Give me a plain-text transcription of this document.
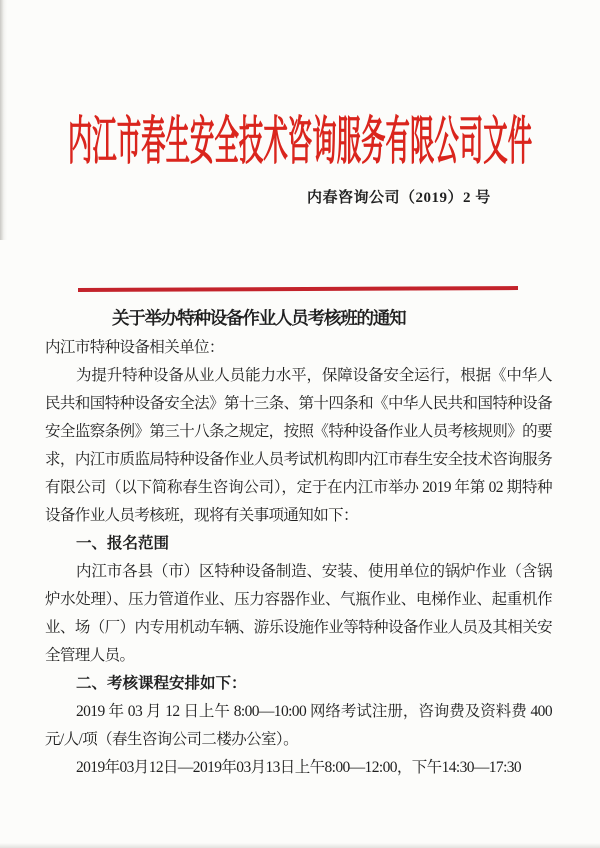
内江市春生安全技术咨询服务有限公司文件
内春咨询公司（2019）2 号
关于举办特种设备作业人员考核班的通知

内江市特种设备相关单位：

为提升特种设备从业人员能力水平，保障设备安全运行，根据《中华人民共和国特种设备安全法》第十三条、第十四条和《中华人民共和国特种设备安全监察条例》第三十八条之规定，按照《特种设备作业人员考核规则》的要求，内江市质监局特种设备作业人员考试机构即内江市春生安全技术咨询服务有限公司（以下简称春生咨询公司），定于在内江市举办 2019 年第 02 期特种设备作业人员考核班，现将有关事项通知如下：

一、报名范围

内江市各县（市）区特种设备制造、安装、使用单位的锅炉作业（含锅炉水处理）、压力管道作业、压力容器作业、气瓶作业、电梯作业、起重机作业、场（厂）内专用机动车辆、游乐设施作业等特种设备作业人员及其相关安全管理人员。

二、考核课程安排如下：

2019 年 03 月 12 日上午 8:00—10:00 网络考试注册，咨询费及资料费 400 元/人/项（春生咨询公司二楼办公室）。

2019年03月12日—2019年03月13日上午8:00—12:00，下午14:30—17:30
